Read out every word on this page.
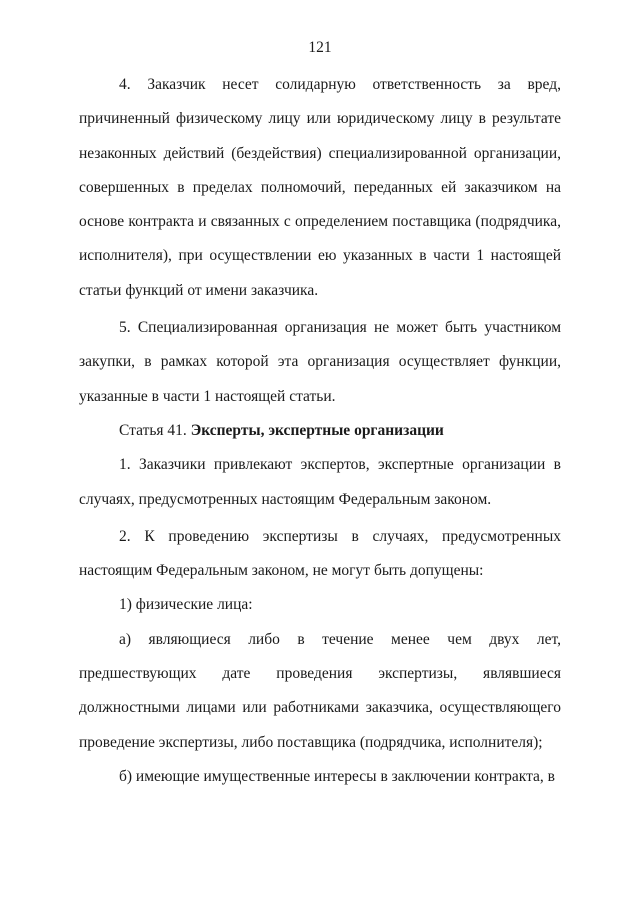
121

4. Заказчик несет солидарную ответственность за вред, причиненный физическому лицу или юридическому лицу в результате незаконных действий (бездействия) специализированной организации, совершенных в пределах полномочий, переданных ей заказчиком на основе контракта и связанных с определением поставщика (подрядчика, исполнителя), при осуществлении ею указанных в части 1 настоящей статьи функций от имени заказчика.

5. Специализированная организация не может быть участником закупки, в рамках которой эта организация осуществляет функции, указанные в части 1 настоящей статьи.

Статья 41. Эксперты, экспертные организации

1. Заказчики привлекают экспертов, экспертные организации в случаях, предусмотренных настоящим Федеральным законом.

2. К проведению экспертизы в случаях, предусмотренных настоящим Федеральным законом, не могут быть допущены:

1) физические лица:

а) являющиеся либо в течение менее чем двух лет, предшествующих дате проведения экспертизы, являвшиеся должностными лицами или работниками заказчика, осуществляющего проведение экспертизы, либо поставщика (подрядчика, исполнителя);

б) имеющие имущественные интересы в заключении контракта, в
